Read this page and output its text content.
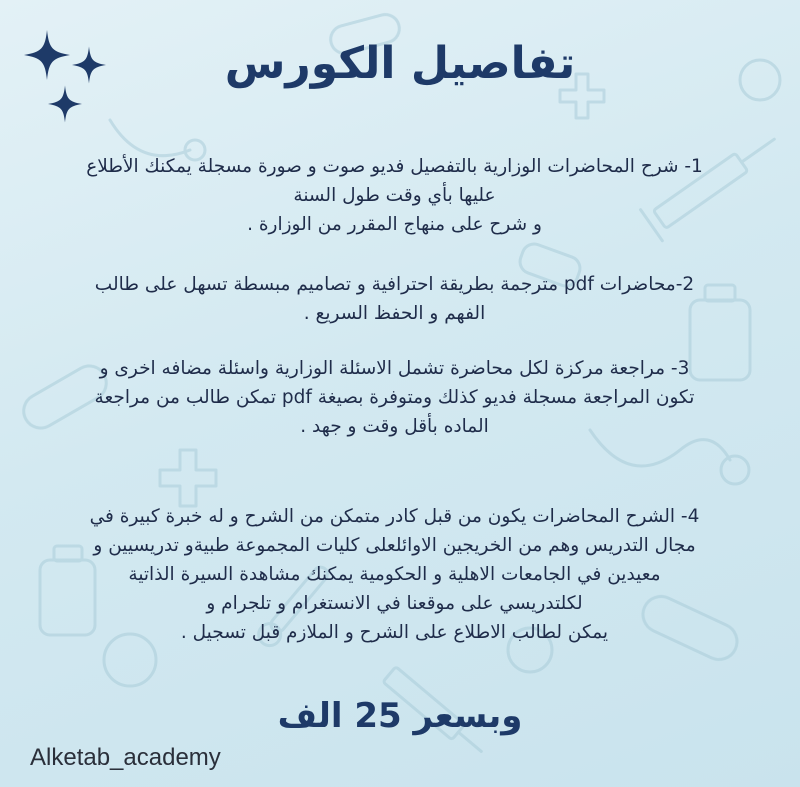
تفاصيل الكورس
1- شرح المحاضرات الوزارية بالتفصيل فديو صوت و صورة مسجلة يمكنك الأطلاع
عليها بأي وقت طول السنة
و شرح على منهاج المقرر من الوزارة .
2-محاضرات pdf مترجمة بطريقة احترافية و تصاميم مبسطة تسهل على طالب
الفهم و الحفظ السريع .
3- مراجعة مركزة لكل محاضرة تشمل الاسئلة الوزارية واسئلة مضافه اخرى و
تكون المراجعة مسجلة فديو كذلك ومتوفرة بصيغة pdf تمكن طالب من مراجعة
الماده بأقل وقت و جهد .
4- الشرح المحاضرات يكون من قبل كادر متمكن من الشرح و له خبرة كبيرة في
مجال التدريس وهم من الخريجين الاوائلعلى كليات المجموعة طبيةو تدريسيين و
معيدين في الجامعات الاهلية و الحكومية يمكنك مشاهدة السيرة الذاتية
لكلتدريسي على موقعنا في الانستغرام و تلجرام و
يمكن لطالب الاطلاع على الشرح و الملازم قبل تسجيل .
وبسعر 25 الف
Alketab_academy
